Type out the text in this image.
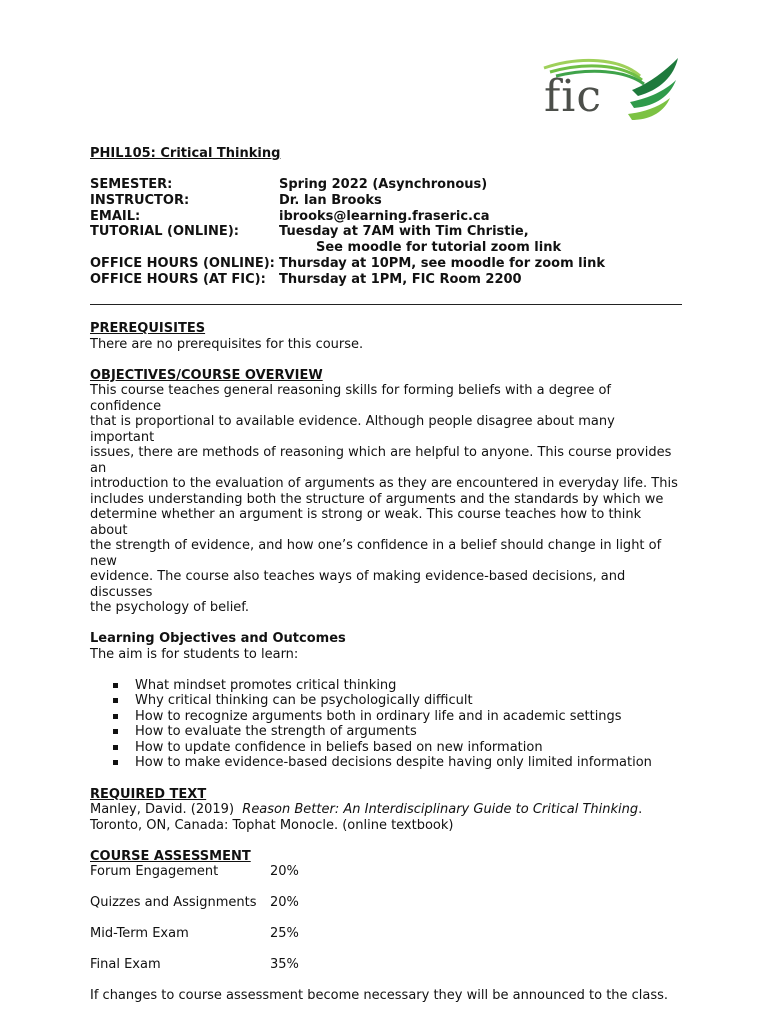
fic
PHIL105: Critical Thinking
SEMESTER:	Spring 2022 (Asynchronous)
INSTRUCTOR:	Dr. Ian Brooks
EMAIL:	ibrooks@learning.fraseric.ca
TUTORIAL (ONLINE):	Tuesday at 7AM with Tim Christie,
See moodle for tutorial zoom link
OFFICE HOURS (ONLINE): Thursday at 10PM, see moodle for zoom link
OFFICE HOURS (AT FIC):	Thursday at 1PM, FIC Room 2200
PREREQUISITES

There are no prerequisites for this course.

OBJECTIVES/COURSE OVERVIEW
This course teaches general reasoning skills for forming beliefs with a degree of confidence
that is proportional to available evidence. Although people disagree about many important
issues, there are methods of reasoning which are helpful to anyone. This course provides an
introduction to the evaluation of arguments as they are encountered in everyday life. This
includes understanding both the structure of arguments and the standards by which we
determine whether an argument is strong or weak. This course teaches how to think about
the strength of evidence, and how one’s confidence in a belief should change in light of new
evidence. The course also teaches ways of making evidence-based decisions, and discusses
the psychology of belief.
Learning Objectives and Outcomes

The aim is for students to learn:

What mindset promotes critical thinking
Why critical thinking can be psychologically difficult
How to recognize arguments both in ordinary life and in academic settings
How to evaluate the strength of arguments
How to update confidence in beliefs based on new information
How to make evidence-based decisions despite having only limited information
REQUIRED TEXT
Manley, David. (2019) Reason Better: An Interdisciplinary Guide to Critical Thinking.
Toronto, ON, Canada: Tophat Monocle. (online textbook)
COURSE ASSESSMENT
Forum Engagement	20%
Quizzes and Assignments	20%
Mid-Term Exam	25%
Final Exam	35%

If changes to course assessment become necessary they will be announced to the class.
